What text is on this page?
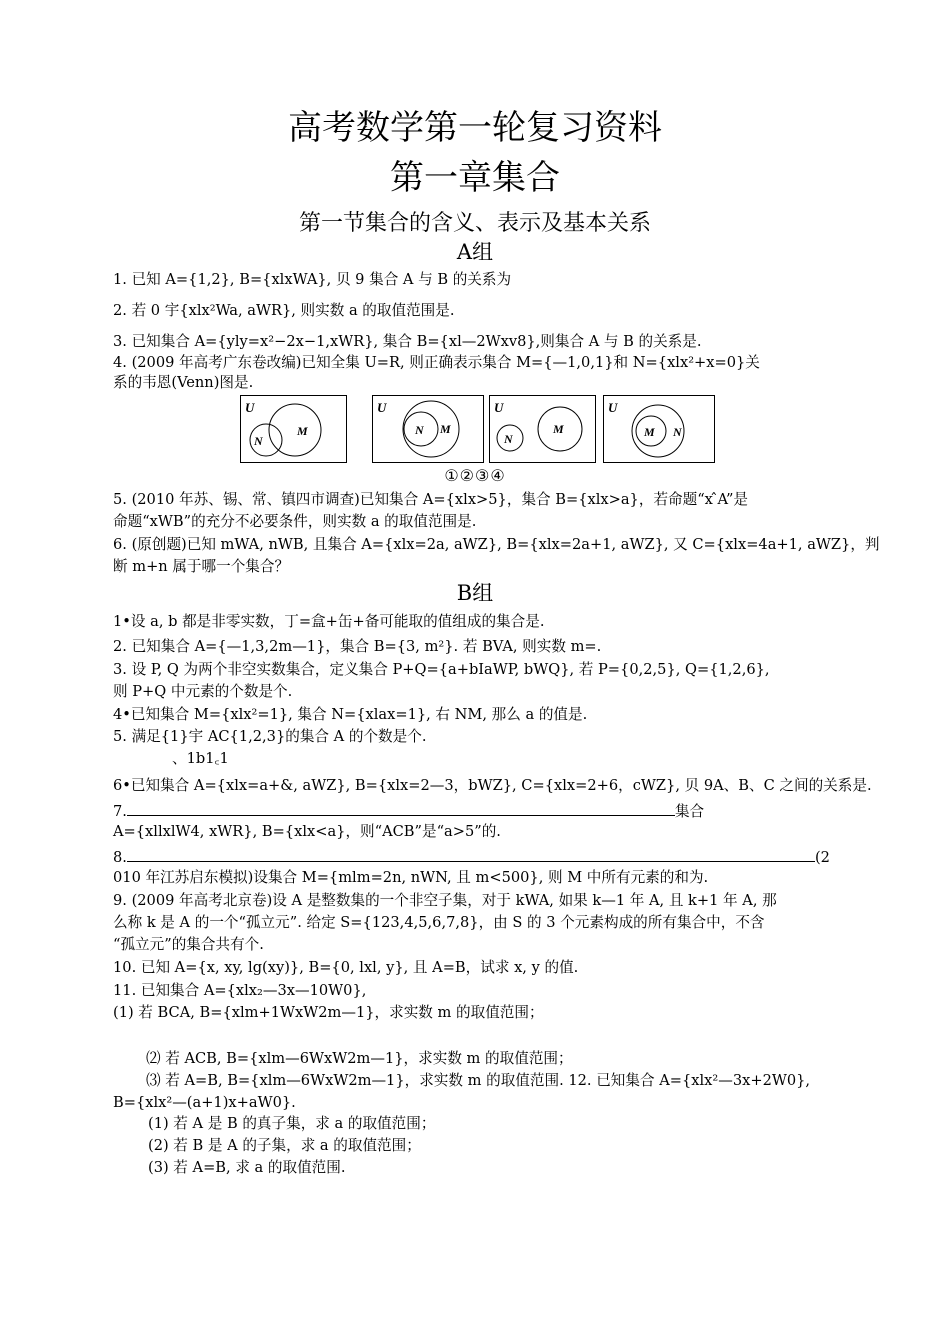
高考数学第一轮复习资料
第一章集合
第一节集合的含义、表示及基本关系
A组
1. 已知 A={1,2}, B={xlxWA}, 贝 9 集合 A 与 B 的关系为
2. 若 0 宇{xlx²Wa, aWR}, 则实数 a 的取值范围是.
3. 已知集合 A={yly=x²−2x−1,xWR}, 集合 B={xl—2Wxv8},则集合 A 与 B 的关系是.
4. (2009 年高考广东卷改编)已知全集 U=R, 则正确表示集合 M={—1,0,1}和 N={xlx²+x=0}关
系的韦恩(Venn)图是.
U
N
M
U
N M
U
N
M
U
M N
①②③④
5. (2010 年苏、锡、常、镇四市调查)已知集合 A={xlx>5}，集合 B={xlx>a}，若命题“x ̂A”是
命题“xWB”的充分不必要条件，则实数 a 的取值范围是.
6. (原创题)已知 mWA, nWB, 且集合 A={xlx=2a, aWZ}, B={xlx=2a+1, aWZ}, 又 C={xlx=4a+1, aWZ}，判
断 m+n 属于哪一个集合？
B组
1•设 a, b 都是非零实数，丁=盒+缶+备可能取的值组成的集合是.
2. 已知集合 A={—1,3,2m—1}，集合 B={3, m²}. 若 BVA, 则实数 m=.
3. 设 P, Q 为两个非空实数集合，定义集合 P+Q={a+bIaWP, bWQ}, 若 P={0,2,5}, Q={1,2,6},
则 P+Q 中元素的个数是个.
4•已知集合 M={xlx²=1}, 集合 N={xlax=1}, 右 NM, 那么 a 的值是.
5. 满足{1}宇 AC{1,2,3}的集合 A 的个数是个.
、1b1꜀1
6•已知集合 A={xlx=a+&, aWZ}, B={xlx=2—3，bWZ}, C={xlx=2+6，cWZ}, 贝 9A、B、C 之间的关系是.
7.	集合
A={xllxlW4, xWR}, B={xlx<a}，则“ACB”是“a>5”的.
8.	(2
010 年江苏启东模拟)设集合 M={mlm=2n, nWN, 且 m<500}, 则 M 中所有元素的和为.
9. (2009 年高考北京卷)设 A 是整数集的一个非空子集，对于 kWA, 如果 k—1 年 A, 且 k+1 年 A, 那
么称 k 是 A 的一个“孤立元”. 给定 S={123,4,5,6,7,8}，由 S 的 3 个元素构成的所有集合中，不含
“孤立元”的集合共有个.
10. 已知 A={x, xy, lg(xy)}, B={0, lxl, y}, 且 A=B，试求 x, y 的值.
11. 已知集合 A={xlx₂—3x—10W0},
(1) 若 BCA, B={xlm+1WxW2m—1}，求实数 m 的取值范围；
⑵ 若 ACB, B={xlm—6WxW2m—1}，求实数 m 的取值范围；
⑶ 若 A=B, B={xlm—6WxW2m—1}，求实数 m 的取值范围. 12. 已知集合 A={xlx²—3x+2W0},
B={xlx²—(a+1)x+aW0}.
(1) 若 A 是 B 的真子集，求 a 的取值范围；
(2) 若 B 是 A 的子集，求 a 的取值范围；
(3) 若 A=B, 求 a 的取值范围.
